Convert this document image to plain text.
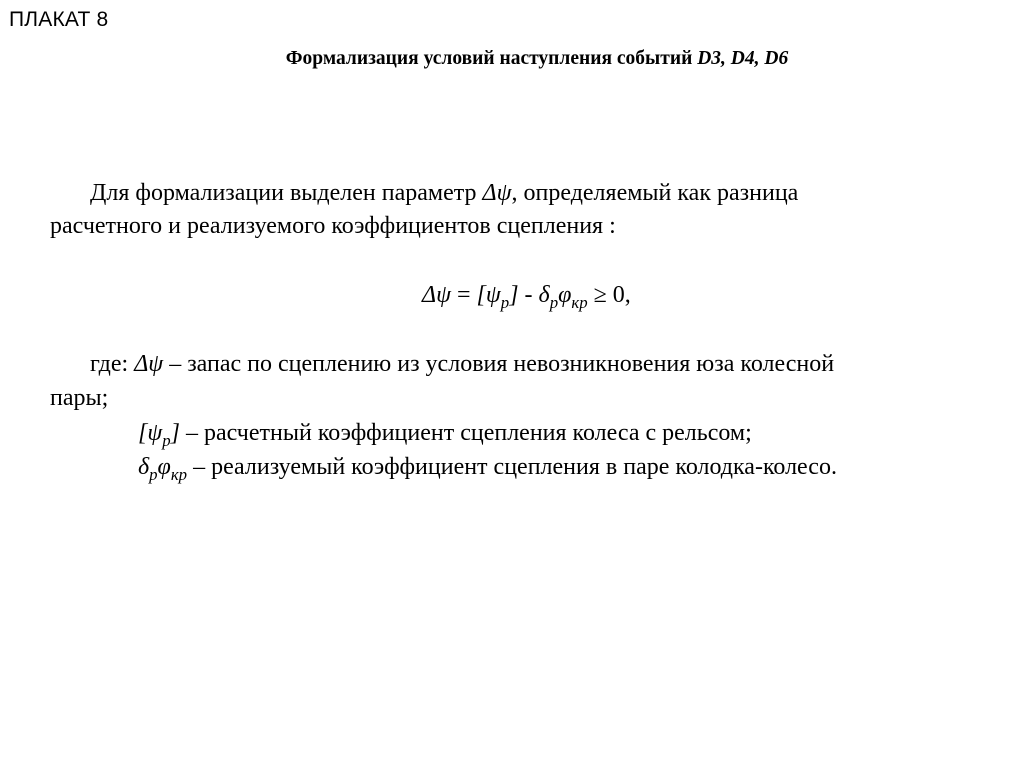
ПЛАКАТ 8
Формализация условий наступления событий D3, D4, D6
Для формализации выделен параметр Δψ, определяемый как разница
расчетного и реализуемого коэффициентов сцепления :
$\Delta\psi = [\psi_р] - \delta_р\varphi_{кр} \ge 0$,
где: Δψ – запас по сцеплению из условия невозникновения юза колесной
пары;
$[\psi_р]$ – расчетный коэффициент сцепления колеса с рельсом;
$\delta_р\varphi_{кр}$ – реализуемый коэффициент сцепления в паре колодка-колесо.
